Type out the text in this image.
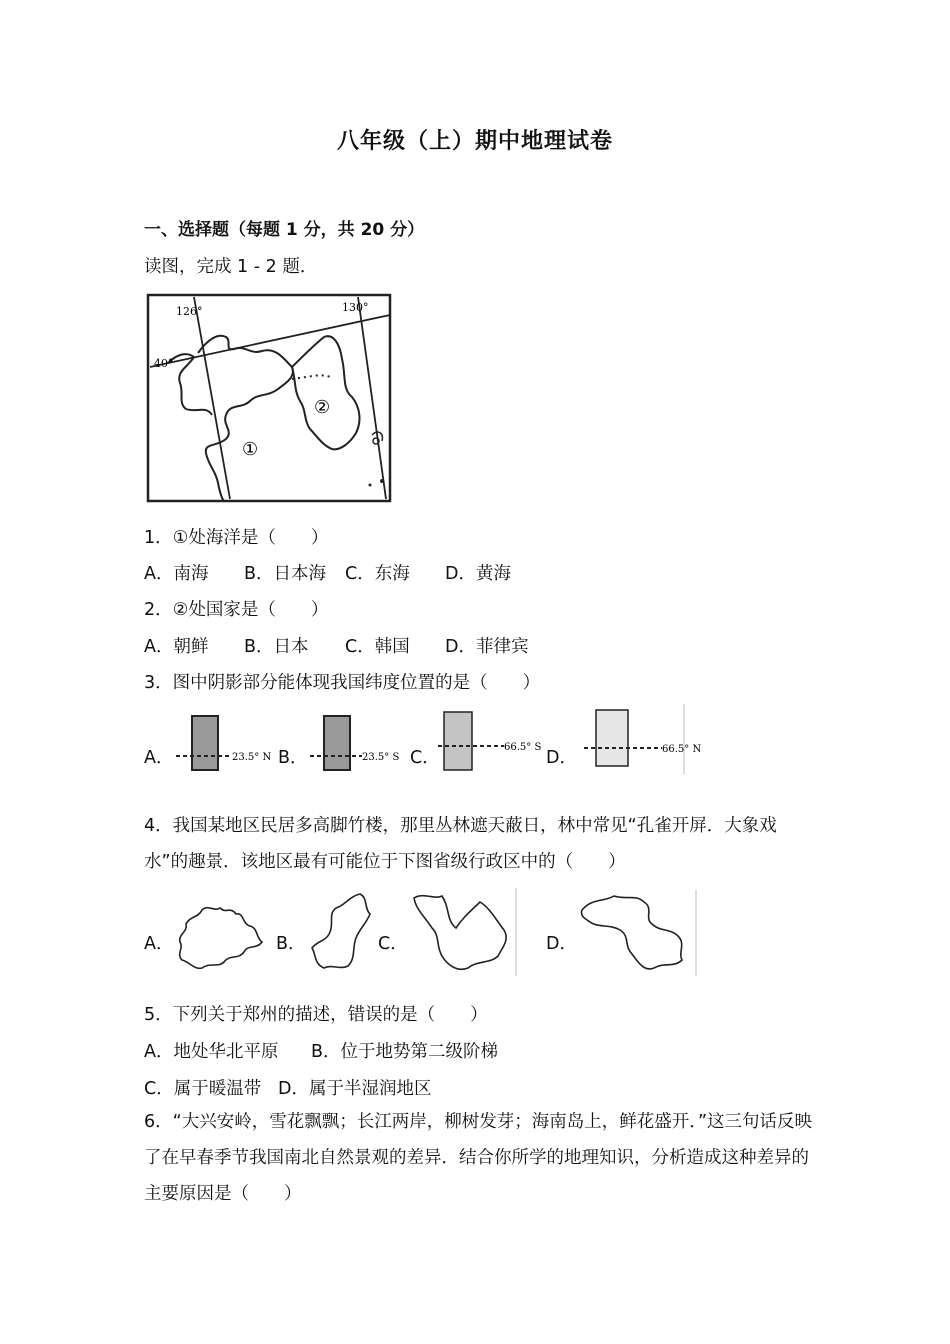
八年级（上）期中地理试卷
一、选择题（每题 1 分，共 20 分）
读图，完成 1 - 2 题．
126°	130°
40°
①
②
1．①处海洋是（　　）
A．南海 B．日本海 C．东海 D．黄海
2．②处国家是（　　）
A．朝鲜 B．日本 C．韩国 D．菲律宾
3．图中阴影部分能体现我国纬度位置的是（　　）
A．	23.5° N B．	23.5° S C．
66.5° S
D．	66.5° N
4．我国某地区民居多高脚竹楼，那里丛林遮天蔽日，林中常见“孔雀开屏．大象戏水”的趣景．该地区最有可能位于下图省级行政区中的（　　）
A．	B．	C．	D．
5．下列关于郑州的描述，错误的是（　　）
A．地处华北平原 B．位于地势第二级阶梯
C．属于暖温带 D．属于半湿润地区
6．“大兴安岭，雪花飘飘；长江两岸，柳树发芽；海南岛上，鲜花盛开．”这三句话反映了在早春季节我国南北自然景观的差异．结合你所学的地理知识，分析造成这种差异的主要原因是（　　）
